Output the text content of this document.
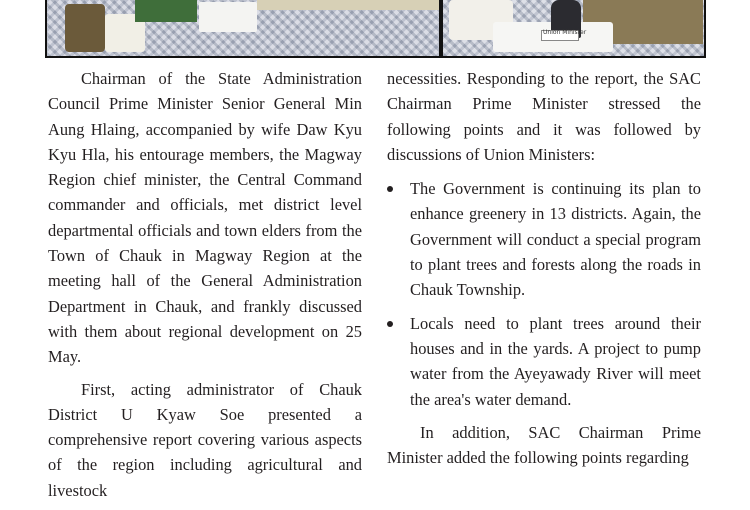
Union Minister

Chairman of the State Administration Council Prime Minister Senior General Min Aung Hlaing, accompanied by wife Daw Kyu Kyu Hla, his entourage members, the Magway Region chief minister, the Central Command commander and officials, met district level departmental officials and town elders from the Town of Chauk in Magway Region at the meeting hall of the General Administration Department in Chauk, and frankly discussed with them about regional development on 25 May.

First, acting administrator of Chauk District U Kyaw Soe presented a comprehensive report covering various aspects of the region including agricultural and livestock

necessities. Responding to the report, the SAC Chairman Prime Minister stressed the following points and it was followed by discussions of Union Ministers:

The Government is continuing its plan to enhance greenery in 13 districts. Again, the Government will conduct a special program to plant trees and forests along the roads in Chauk Township.
Locals need to plant trees around their houses and in the yards. A project to pump water from the Ayeyawady River will meet the area's water demand.

In addition, SAC Chairman Prime Minister added the following points regarding
